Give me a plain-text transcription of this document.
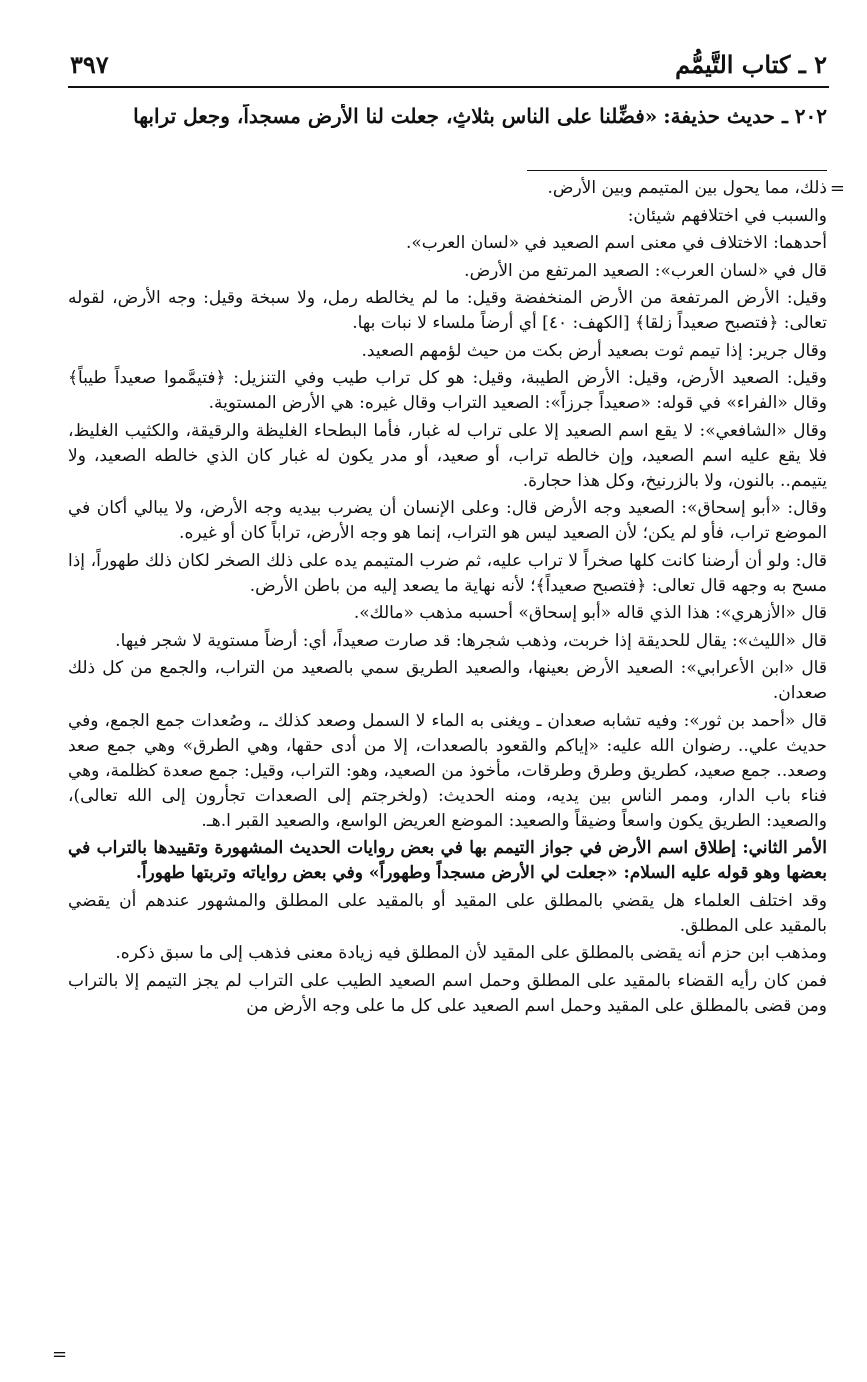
٢ ـ كتاب التَّيمُّم
٣٩٧
٢٠٢ ـ حديث حذيفة:«فضِّلنا على الناس بثلاثٍ، جعلت لنا الأرض مسجداً، وجعل ترابها
=

ذلك، مما يحول بين المتيمم وبين الأرض.

والسبب في اختلافهم شيئان:

أحدهما: الاختلاف في معنى اسم الصعيد في «لسان العرب».

قال في «لسان العرب»: الصعيد المرتفع من الأرض.

وقيل: الأرض المرتفعة من الأرض المنخفضة وقيل: ما لم يخالطه رمل، ولا سبخة وقيل: وجه الأرض، لقوله تعالى: ﴿فتصبح صعيداً زلقا﴾ [الكهف: ٤٠] أي أرضاً ملساء لا نبات بها.

وقال جرير: إذا تيمم ثوت بصعيد أرض بكت من حيث لؤمهم الصعيد.

وقيل: الصعيد الأرض، وقيل: الأرض الطيبة، وقيل: هو كل تراب طيب وفي التنزيل: ﴿فتيمَّموا صعيداً طيباً﴾ وقال «الفراء» في قوله: «صعيداً جرزاً»: الصعيد التراب وقال غيره: هي الأرض المستوية.

وقال «الشافعي»: لا يقع اسم الصعيد إلا على تراب له غبار، فأما البطحاء الغليظة والرقيقة، والكثيب الغليظ، فلا يقع عليه اسم الصعيد، وإن خالطه تراب، أو صعيد، أو مدر يكون له غبار كان الذي خالطه الصعيد، ولا يتيمم.. بالنون، ولا بالزرنيخ، وكل هذا حجارة.

وقال: «أبو إسحاق»: الصعيد وجه الأرض قال: وعلى الإنسان أن يضرب بيديه وجه الأرض، ولا يبالي أكان في الموضع تراب، فأو لم يكن؛ لأن الصعيد ليس هو التراب، إنما هو وجه الأرض، تراباً كان أو غيره.

قال: ولو أن أرضنا كانت كلها صخراً لا تراب عليه، ثم ضرب المتيمم يده على ذلك الصخر لكان ذلك طهوراً، إذا مسح به وجهه قال تعالى: ﴿فتصبح صعيداً﴾؛ لأنه نهاية ما يصعد إليه من باطن الأرض.

قال «الأزهري»: هذا الذي قاله «أبو إسحاق» أحسبه مذهب «مالك».

قال «الليث»: يقال للحديقة إذا خربت، وذهب شجرها: قد صارت صعيداً، أي: أرضاً مستوية لا شجر فيها.

قال «ابن الأعرابي»: الصعيد الأرض بعينها، والصعيد الطريق سمي بالصعيد من التراب، والجمع من كل ذلك صعدان.

قال «أحمد بن ثور»: وفيه تشابه صعدان ـ ويغنى به الماء لا السمل وصعد كذلك ـ، وصُعدات جمع الجمع، وفي حديث علي.. رضوان الله عليه: «إياكم والقعود بالصعدات، إلا من أدى حقها، وهي الطرق» وهي جمع صعد وصعد.. جمع صعيد، كطريق وطرق وطرقات، مأخوذ من الصعيد، وهو: التراب، وقيل: جمع صعدة كظلمة، وهي فناء باب الدار، وممر الناس بين يديه، ومنه الحديث: (ولخرجتم إلى الصعدات تجأرون إلى الله تعالى)، والصعيد: الطريق يكون واسعاً وضيقاً والصعيد: الموضع العريض الواسع، والصعيد القبر ا.هـ.

الأمر الثاني: إطلاق اسم الأرض في جواز التيمم بها في بعض روايات الحديث المشهورة وتقييدها بالتراب في بعضها وهو قوله عليه السلام: «جعلت لي الأرض مسجداً وطهوراً» وفي بعض رواياته وتربتها طهوراً.

وقد اختلف العلماء هل يقضي بالمطلق على المقيد أو بالمقيد على المطلق والمشهور عندهم أن يقضي بالمقيد على المطلق.

ومذهب ابن حزم أنه يقضى بالمطلق على المقيد لأن المطلق فيه زيادة معنى فذهب إلى ما سبق ذكره.

فمن كان رأيه القضاء بالمقيد على المطلق وحمل اسم الصعيد الطيب على التراب لم يجز التيمم إلا بالتراب ومن قضى بالمطلق على المقيد وحمل اسم الصعيد على كل ما على وجه الأرض من

=
